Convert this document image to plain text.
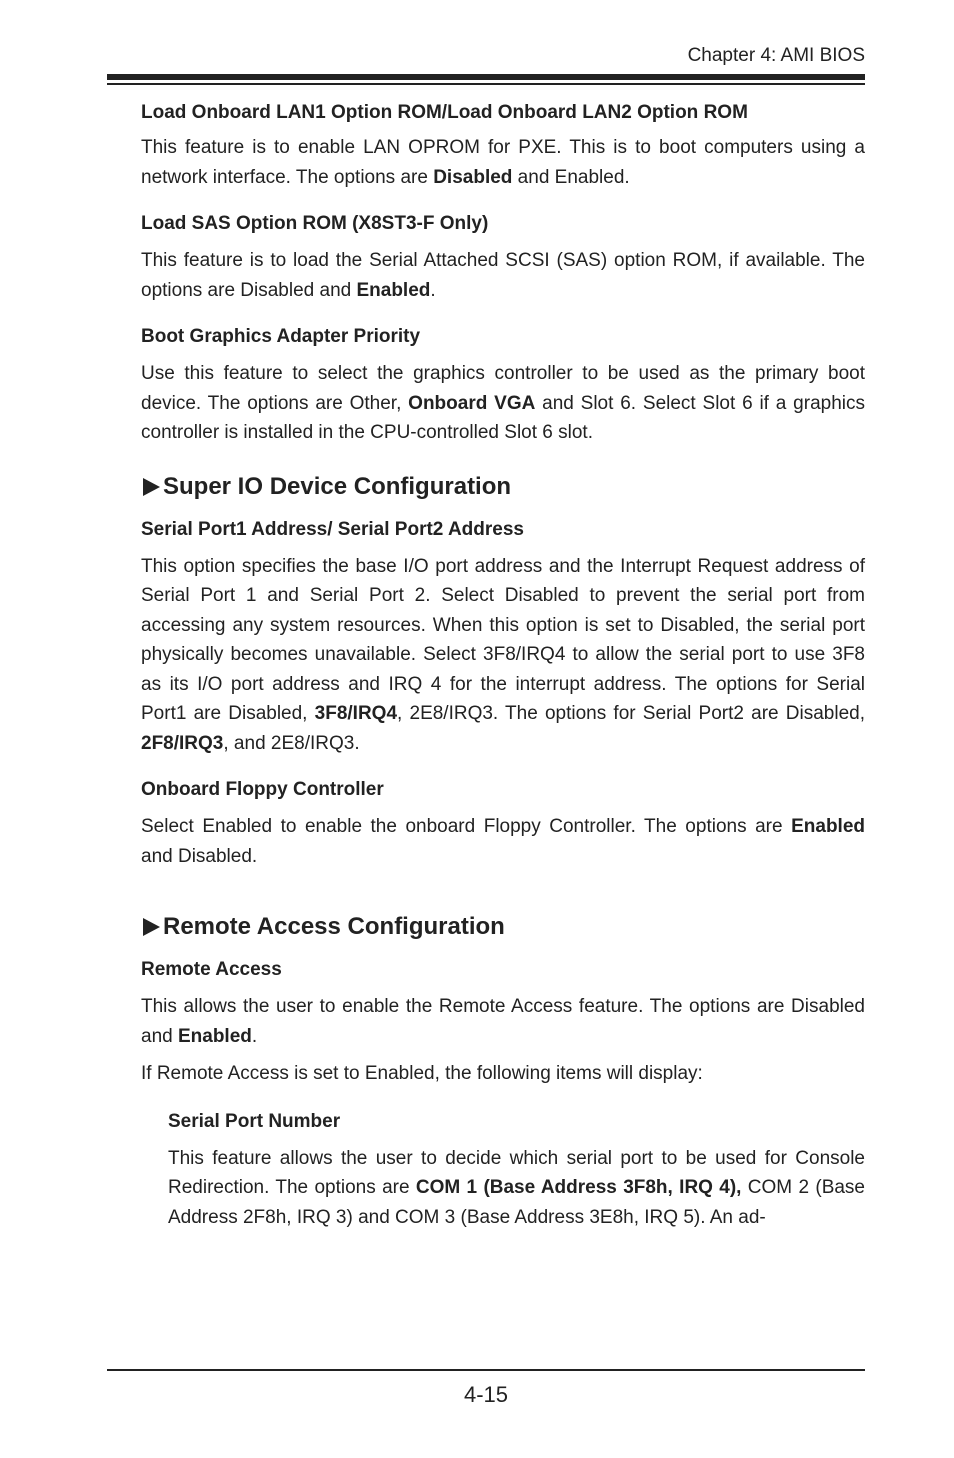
Chapter 4: AMI BIOS

Load Onboard LAN1 Option ROM/Load Onboard LAN2 Option ROM

This feature is to enable LAN OPROM for PXE. This is to boot computers using a network interface. The options are Disabled and Enabled.

Load SAS Option ROM (X8ST3-F Only)

This feature is to load the Serial Attached SCSI (SAS) option ROM, if available. The options are Disabled and Enabled.

Boot Graphics Adapter Priority

Use this feature to select the graphics controller to be used as the primary boot device. The options are Other, Onboard VGA and Slot 6. Select Slot 6 if a graphics controller is installed in the CPU-controlled Slot 6 slot.

Super IO Device Configuration

Serial Port1 Address/ Serial Port2 Address

This option specifies the base I/O port address and the Interrupt Request address of Serial Port 1 and Serial Port 2. Select Disabled to prevent the serial port from accessing any system resources. When this option is set to Disabled, the serial port physically becomes unavailable. Select 3F8/IRQ4 to allow the serial port to use 3F8 as its I/O port address and IRQ 4 for the interrupt address. The options for Serial Port1 are Disabled, 3F8/IRQ4, 2E8/IRQ3. The options for Serial Port2 are Disabled, 2F8/IRQ3, and 2E8/IRQ3.

Onboard Floppy Controller

Select Enabled to enable the onboard Floppy Controller. The options are Enabled and Disabled.

Remote Access Configuration

Remote Access

This allows the user to enable the Remote Access feature. The options are Disabled and Enabled.

If Remote Access is set to Enabled, the following items will display:

Serial Port Number

This feature allows the user to decide which serial port to be used for Console Redirection. The options are COM 1 (Base Address 3F8h, IRQ 4), COM 2 (Base Address 2F8h, IRQ 3) and COM 3 (Base Address 3E8h, IRQ 5). An ad-

4-15
